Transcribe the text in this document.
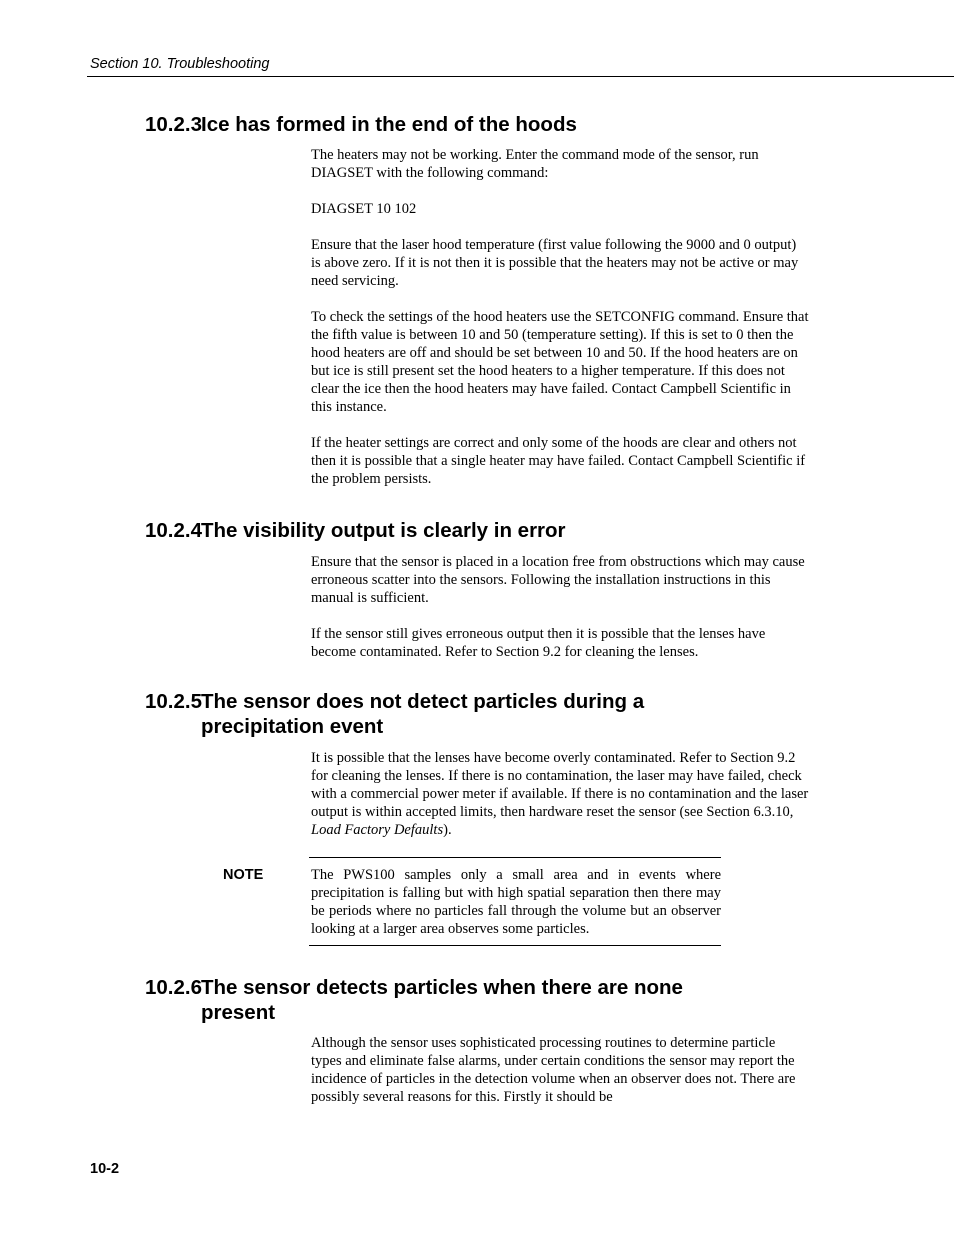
Section 10. Troubleshooting
10.2.3Ice has formed in the end of the hoods

The heaters may not be working. Enter the command mode of the sensor, run DIAGSET with the following command:

DIAGSET 10 102

Ensure that the laser hood temperature (first value following the 9000 and 0 output) is above zero. If it is not then it is possible that the heaters may not be active or may need servicing.

To check the settings of the hood heaters use the SETCONFIG command. Ensure that the fifth value is between 10 and 50 (temperature setting). If this is set to 0 then the hood heaters are off and should be set between 10 and 50. If the hood heaters are on but ice is still present set the hood heaters to a higher temperature. If this does not clear the ice then the hood heaters may have failed. Contact Campbell Scientific in this instance.

If the heater settings are correct and only some of the hoods are clear and others not then it is possible that a single heater may have failed. Contact Campbell Scientific if the problem persists.

10.2.4The visibility output is clearly in error

Ensure that the sensor is placed in a location free from obstructions which may cause erroneous scatter into the sensors. Following the installation instructions in this manual is sufficient.

If the sensor still gives erroneous output then it is possible that the lenses have become contaminated. Refer to Section 9.2 for cleaning the lenses.

10.2.5The sensor does not detect particles during a
precipitation event

It is possible that the lenses have become overly contaminated. Refer to Section 9.2 for cleaning the lenses. If there is no contamination, the laser may have failed, check with a commercial power meter if available. If there is no contamination and the laser output is within accepted limits, then hardware reset the sensor (see Section 6.3.10, Load Factory Defaults).

NOTE	The PWS100 samples only a small area and in events where precipitation is falling but with high spatial separation then there may be periods where no particles fall through the volume but an observer looking at a larger area observes some particles.
10.2.6The sensor detects particles when there are none
present

Although the sensor uses sophisticated processing routines to determine particle types and eliminate false alarms, under certain conditions the sensor may report the incidence of particles in the detection volume when an observer does not. There are possibly several reasons for this. Firstly it should be

10-2
